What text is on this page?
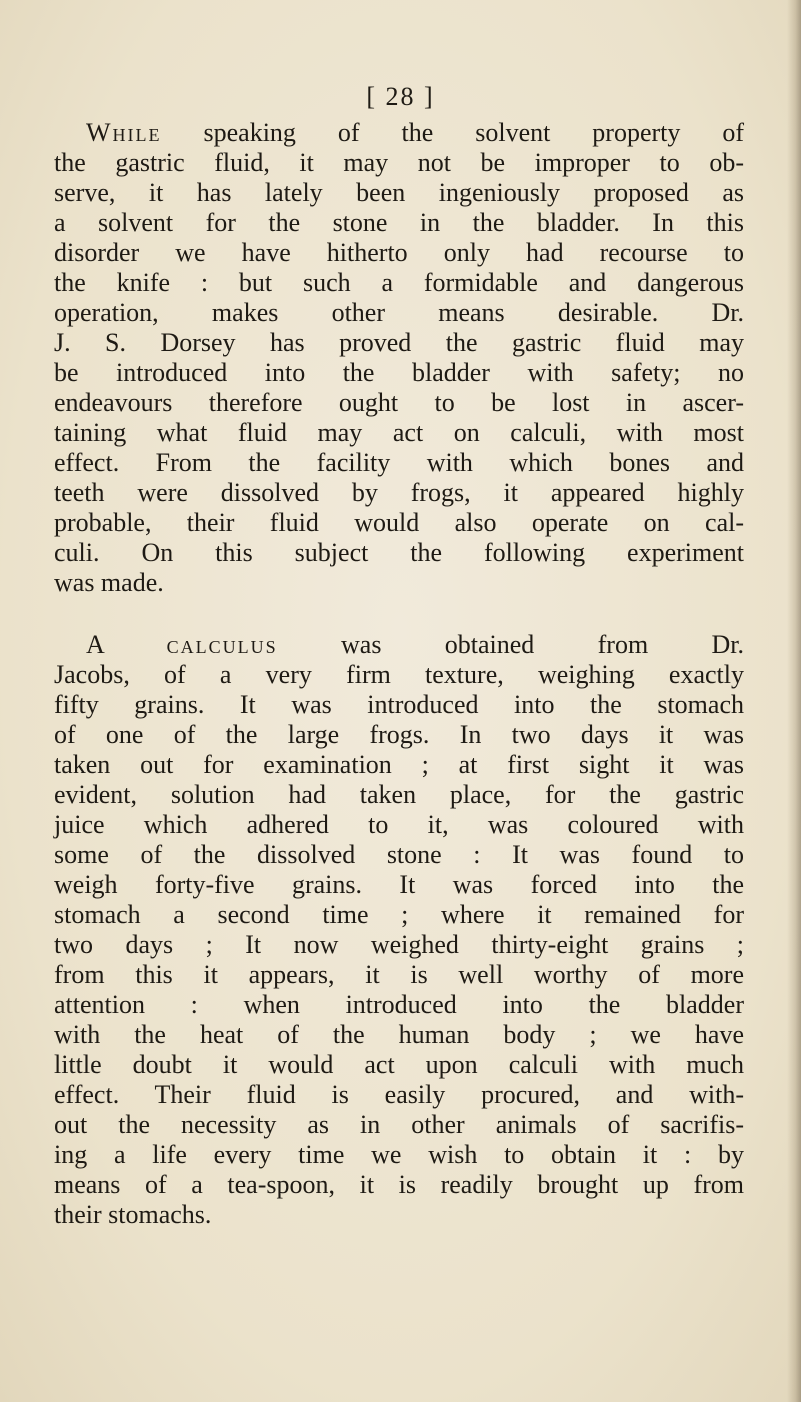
[ 28 ]
While speaking of the solvent property of
the gastric fluid, it may not be improper to ob-
serve, it has lately been ingeniously proposed as
a solvent for the stone in the bladder. In this
disorder we have hitherto only had recourse to
the knife : but such a formidable and dangerous
operation, makes other means desirable. Dr.
J. S. Dorsey has proved the gastric fluid may
be introduced into the bladder with safety; no
endeavours therefore ought to be lost in ascer-
taining what fluid may act on calculi, with most
effect. From the facility with which bones and
teeth were dissolved by frogs, it appeared highly
probable, their fluid would also operate on cal-
culi. On this subject the following experiment
was made.
A calculus was obtained from Dr.
Jacobs, of a very firm texture, weighing exactly
fifty grains. It was introduced into the stomach
of one of the large frogs. In two days it was
taken out for examination ; at first sight it was
evident, solution had taken place, for the gastric
juice which adhered to it, was coloured with
some of the dissolved stone : It was found to
weigh forty-five grains. It was forced into the
stomach a second time ; where it remained for
two days ; It now weighed thirty-eight grains ;
from this it appears, it is well worthy of more
attention : when introduced into the bladder
with the heat of the human body ; we have
little doubt it would act upon calculi with much
effect. Their fluid is easily procured, and with-
out the necessity as in other animals of sacrifis-
ing a life every time we wish to obtain it : by
means of a tea-spoon, it is readily brought up from
their stomachs.
